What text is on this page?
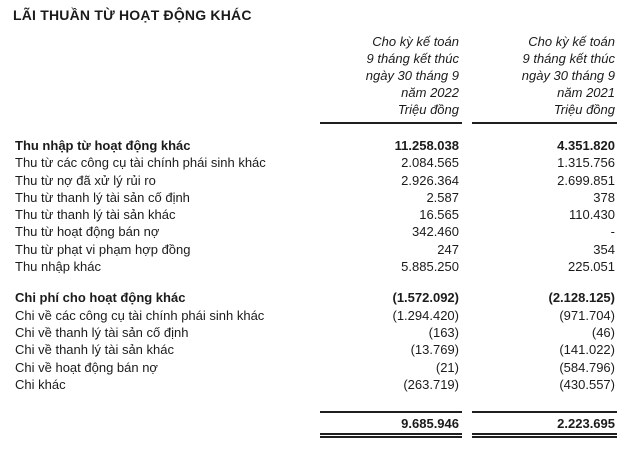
LÃI THUẦN TỪ HOẠT ĐỘNG KHÁC
Cho kỳ kế toán
9 tháng kết thúc
ngày 30 tháng 9
năm 2022
Triệu đồng
Cho kỳ kế toán
9 tháng kết thúc
ngày 30 tháng 9
năm 2021
Triệu đồng
Thu nhập từ hoạt động khác	11.258.038	4.351.820
Thu từ các công cụ tài chính phái sinh khác	2.084.565	1.315.756
Thu từ nợ đã xử lý rủi ro	2.926.364	2.699.851
Thu từ thanh lý tài sản cố định	2.587	378
Thu từ thanh lý tài sản khác	16.565	110.430
Thu từ hoạt động bán nợ	342.460	-
Thu từ phạt vi phạm hợp đồng	247	354
Thu nhập khác	5.885.250	225.051
Chi phí cho hoạt động khác	(1.572.092)	(2.128.125)
Chi về các công cụ tài chính phái sinh khác	(1.294.420)	(971.704)
Chi về thanh lý tài sản cố định	(163)	(46)
Chi về thanh lý tài sản khác	(13.769)	(141.022)
Chi về hoạt động bán nợ	(21)	(584.796)
Chi khác	(263.719)	(430.557)
9.685.946	2.223.695
